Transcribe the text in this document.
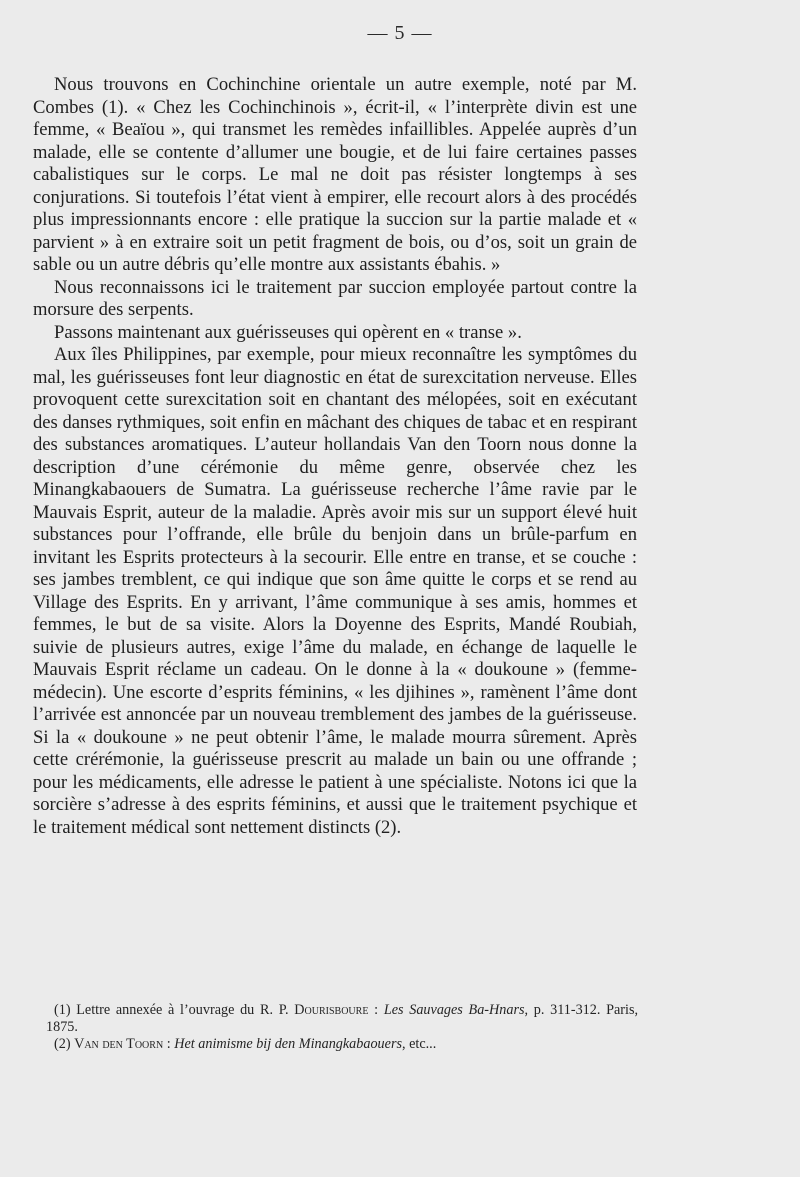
— 5 —

Nous trouvons en Cochinchine orientale un autre exemple, noté par M. Combes (1). « Chez les Cochinchinois », écrit-il, « l’interprète divin est une femme, « Beaïou », qui transmet les remèdes infaillibles. Appelée auprès d’un malade, elle se contente d’allumer une bougie, et de lui faire certaines passes cabalistiques sur le corps. Le mal ne doit pas résister longtemps à ses conjurations. Si toutefois l’état vient à empirer, elle recourt alors à des procédés plus impressionnants encore : elle pratique la succion sur la partie malade et « parvient » à en extraire soit un petit fragment de bois, ou d’os, soit un grain de sable ou un autre débris qu’elle montre aux assistants ébahis. »

Nous reconnaissons ici le traitement par succion employée partout contre la morsure des serpents.

Passons maintenant aux guérisseuses qui opèrent en « transe ».

Aux îles Philippines, par exemple, pour mieux reconnaître les symptômes du mal, les guérisseuses font leur diagnostic en état de surexcitation nerveuse. Elles provoquent cette surexcitation soit en chantant des mélopées, soit en exécutant des danses rythmiques, soit enfin en mâchant des chiques de tabac et en respirant des substances aromatiques. L’auteur hollandais Van den Toorn nous donne la description d’une cérémonie du même genre, observée chez les Minangkabaouers de Sumatra. La guérisseuse recherche l’âme ravie par le Mauvais Esprit, auteur de la maladie. Après avoir mis sur un support élevé huit substances pour l’offrande, elle brûle du benjoin dans un brûle-parfum en invitant les Esprits protecteurs à la secourir. Elle entre en transe, et se couche : ses jambes tremblent, ce qui indique que son âme quitte le corps et se rend au Village des Esprits. En y arrivant, l’âme communique à ses amis, hommes et femmes, le but de sa visite. Alors la Doyenne des Esprits, Mandé Roubiah, suivie de plusieurs autres, exige l’âme du malade, en échange de laquelle le Mauvais Esprit réclame un cadeau. On le donne à la « doukoune » (femme-médecin). Une escorte d’esprits féminins, « les djihines », ramènent l’âme dont l’arrivée est annoncée par un nouveau tremblement des jambes de la guérisseuse. Si la « doukoune » ne peut obtenir l’âme, le malade mourra sûrement. Après cette crérémonie, la guérisseuse prescrit au malade un bain ou une offrande ; pour les médicaments, elle adresse le patient à une spécialiste. Notons ici que la sorcière s’adresse à des esprits féminins, et aussi que le traitement psychique et le traitement médical sont nettement distincts (2).

(1) Lettre annexée à l’ouvrage du R. P. Dourisboure : Les Sauvages Ba-Hnars, p. 311-312. Paris, 1875.

(2) Van den Toorn : Het animisme bij den Minangkabaouers, etc...
